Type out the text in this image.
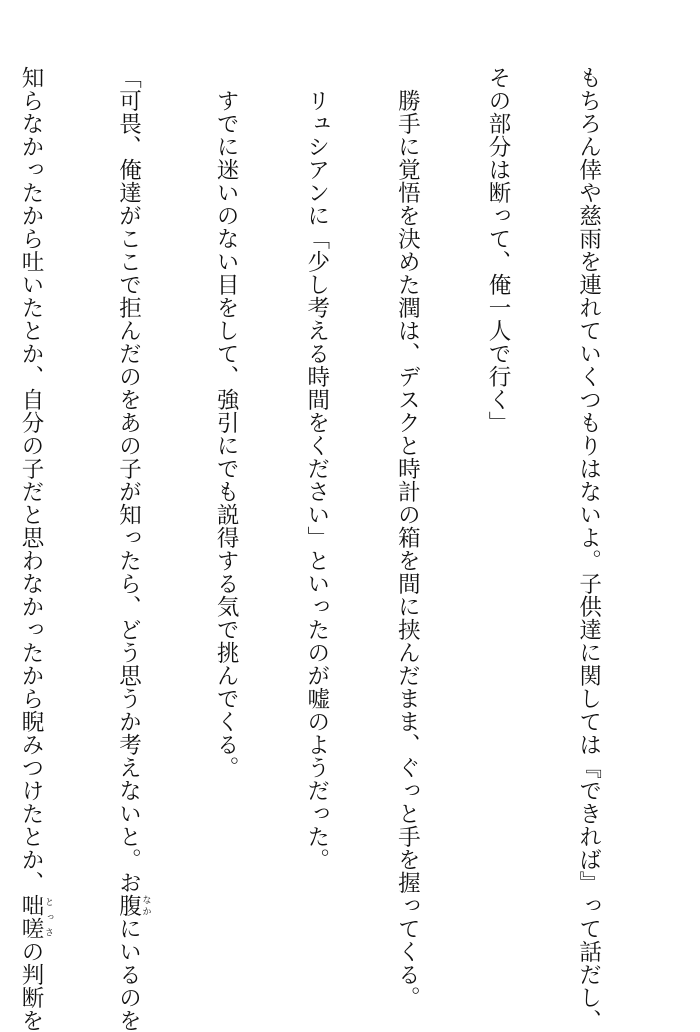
もちろん倖や慈雨を連れていくつもりはないよ。子供達に関しては『できれば』って話だし、

その部分は断って、俺一人で行く」

　勝手に覚悟を決めた潤は、デスクと時計の箱を間に挟んだまま、ぐっと手を握ってくる。

　リュシアンに「少し考える時間をください」といったのが嘘のようだった。

　すでに迷いのない目をして、強引にでも説得する気で挑んでくる。

「可畏、俺達がここで拒んだのをあの子が知ったら、どう思うか考えないと。お腹 なかにいるのを

知らなかったから吐いたとか、自分の子だと思わなかったから睨みつけたとか、咄嗟 とっさの判断を
